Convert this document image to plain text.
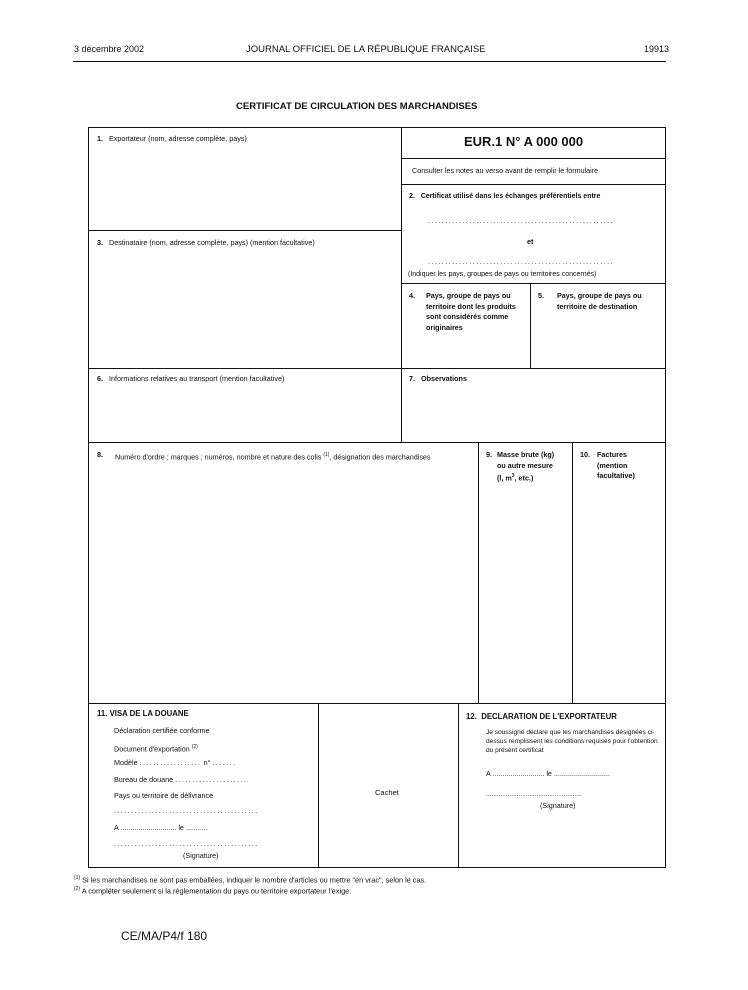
3 décembre 2002	JOURNAL OFFICIEL DE LA RÉPUBLIQUE FRANÇAISE	19913
CERTIFICAT DE CIRCULATION DES MARCHANDISES
1. Exportateur (nom, adresse complète, pays)	EUR.1 N° A 000 000
Consulter les notes au verso avant de remplir le formulaire
2. Certificat utilisé dans les échanges préférentiels entre
......................................................
et
......................................................
(Indiquer les pays, groupes de pays ou territoires concernés)
3. Destinataire (nom, adresse complète, pays) (mention facultative)
4. Pays, groupe de pays ou territoire dont les produits sont considérés comme originaires
5. Pays, groupe de pays ou territoire de destination
6. Informations relatives au transport (mention facultative)	7. Observations
8. Numéro d'ordre ; marques ; numéros, nombre et nature des colis $^{(1)}$, désignation des marchandises	9. Masse brute (kg) ou autre mesure (l, $m^3$, etc.)
10. Factures (mention facultative)
11. VISA DE LA DOUANE
Déclaration certifiée conforme
Document d'exportation $^{(2)}$
Modèle .................. n° .......
Bureau de douane .....................
Pays ou territoire de délivrance
..........................................
A ............................ le ...........
..........................................
(Signature)
Cachet
12. DECLARATION DE L'EXPORTATEUR
Je soussigné déclare que les marchandises désignées ci-dessus remplissent les conditions requises pour l'obtention du présent certificat
A .......................... le ............................
.....................................................
(Signature)
$^{(1)}$ Si les marchandises ne sont pas emballées, indiquer le nombre d'articles ou mettre "en vrac", selon le cas.
$^{(2)}$ A compléter seulement si la réglementation du pays ou territoire exportateur l'exige.
CE/MA/P4/f 180
